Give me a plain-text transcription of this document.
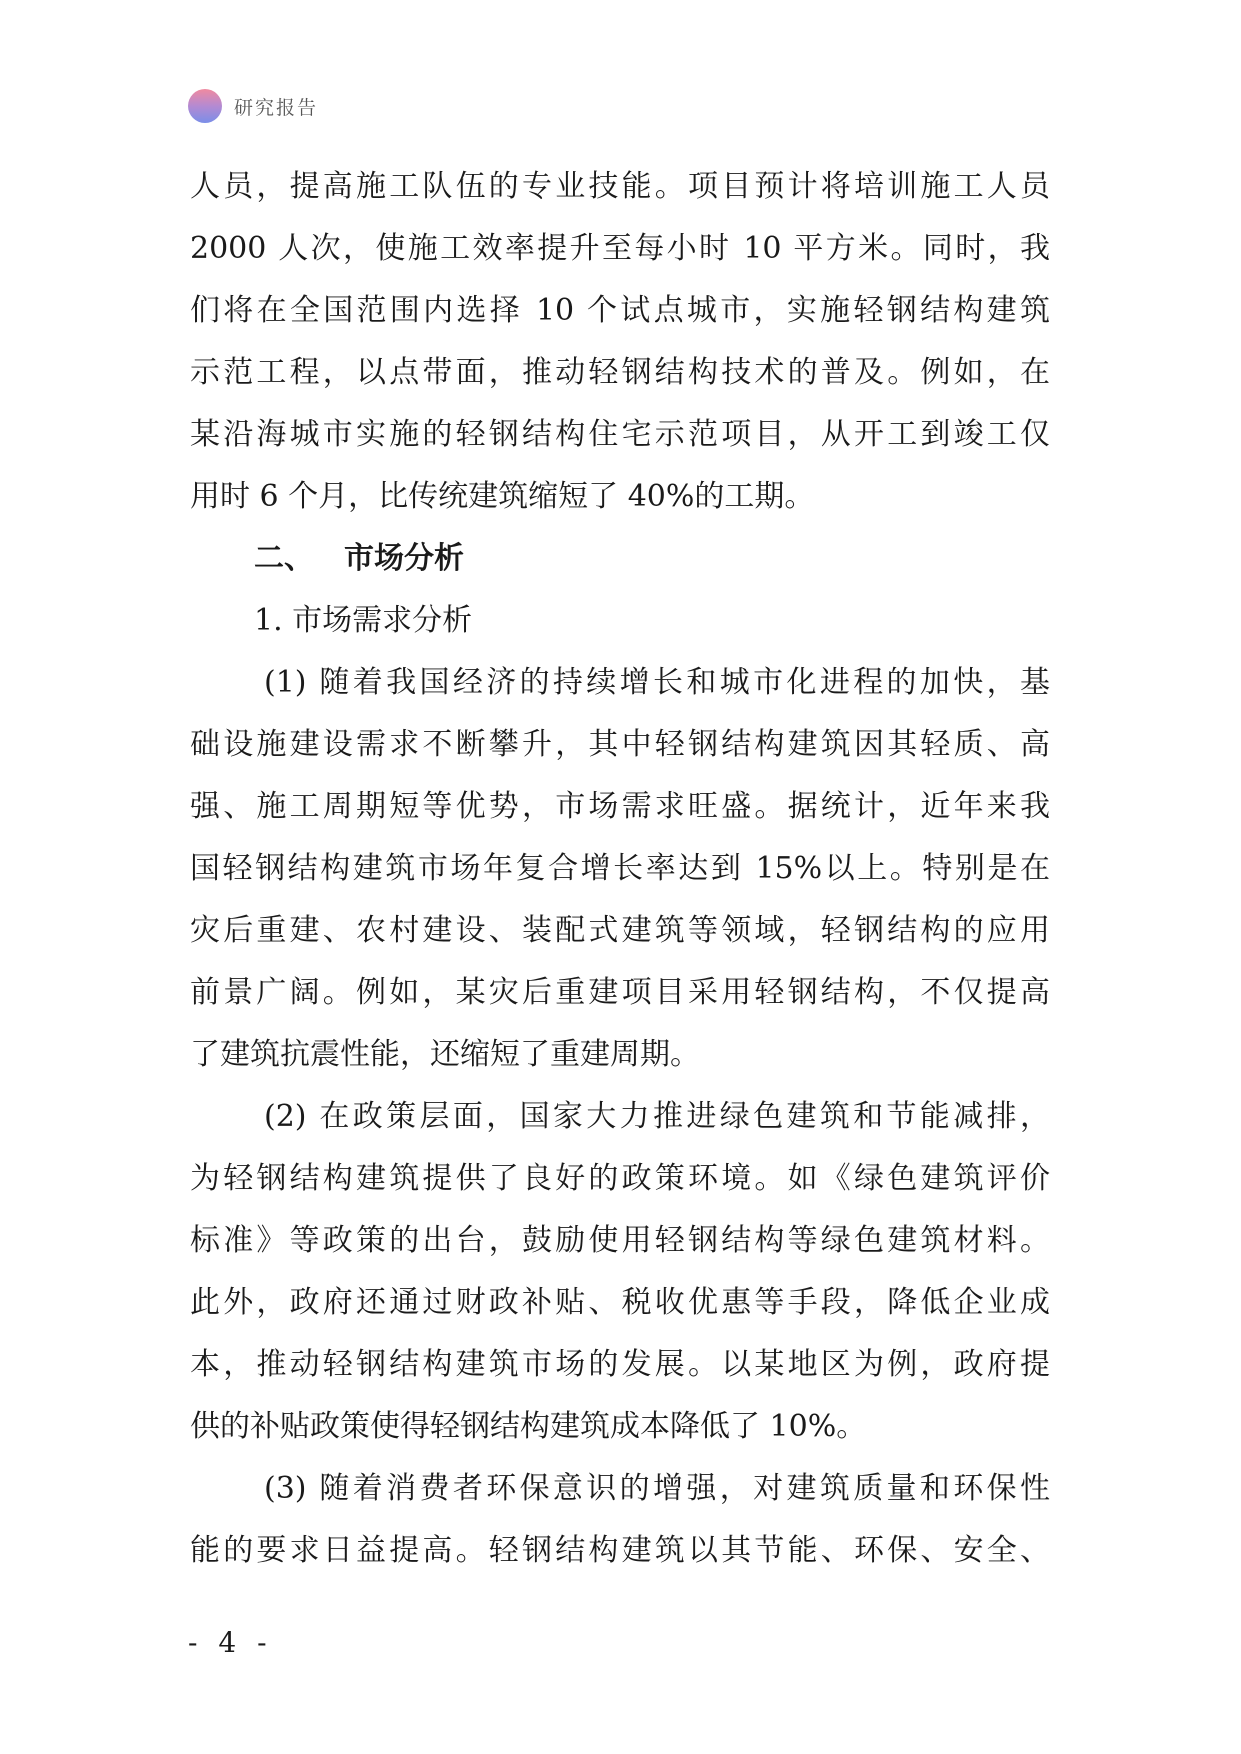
研究报告
人员，提高施工队伍的专业技能。项目预计将培训施工人员
2000 人次，使施工效率提升至每小时 10 平方米。同时，我
们将在全国范围内选择 10 个试点城市，实施轻钢结构建筑
示范工程，以点带面，推动轻钢结构技术的普及。例如，在
某沿海城市实施的轻钢结构住宅示范项目，从开工到竣工仅
用时 6 个月，比传统建筑缩短了 40%的工期。
二、 市场分析
1. 市场需求分析
(1) 随着我国经济的持续增长和城市化进程的加快，基
础设施建设需求不断攀升，其中轻钢结构建筑因其轻质、高
强、施工周期短等优势，市场需求旺盛。据统计，近年来我
国轻钢结构建筑市场年复合增长率达到 15%以上。特别是在
灾后重建、农村建设、装配式建筑等领域，轻钢结构的应用
前景广阔。例如，某灾后重建项目采用轻钢结构，不仅提高
了建筑抗震性能，还缩短了重建周期。
(2) 在政策层面，国家大力推进绿色建筑和节能减排，
为轻钢结构建筑提供了良好的政策环境。如《绿色建筑评价
标准》等政策的出台，鼓励使用轻钢结构等绿色建筑材料。
此外，政府还通过财政补贴、税收优惠等手段，降低企业成
本，推动轻钢结构建筑市场的发展。以某地区为例，政府提
供的补贴政策使得轻钢结构建筑成本降低了 10%。
(3) 随着消费者环保意识的增强，对建筑质量和环保性
能的要求日益提高。轻钢结构建筑以其节能、环保、安全、
- 4 -
